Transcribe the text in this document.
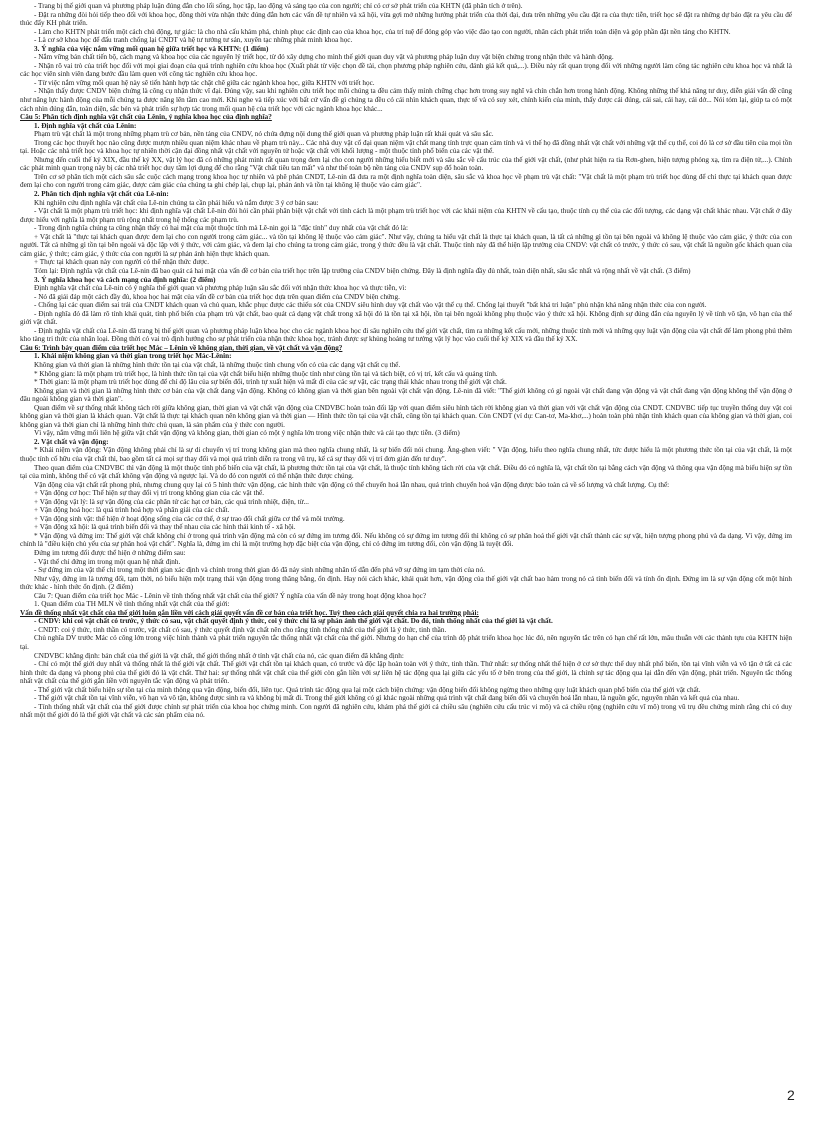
- Trang bị thế giới quan và phương pháp luận đúng đắn cho lối sống, học tập, lao động và sáng tạo của con người; chỉ có cơ sở phát triển của KHTN (đã phân tích ở trên).

- Đặt ra những đòi hỏi tiếp theo đối với khoa học, đồng thời vừa nhận thức đúng đắn hơn các vấn đề tự nhiên và xã hội, vừa gợi mở những hướng phát triển của thời đại, đưa trên những yêu cầu đặt ra của thực tiễn, triết học sẽ đặt ra những dự báo đặt ra yêu cầu để thúc đẩy KH phát triển.

- Làm cho KHTN phát triển một cách chủ động, tự giác: là cho nhà cấu khám phá, chinh phục các định cao của khoa học, của trí tuệ để đóng góp vào việc đào tạo con người, nhân cách phát triển toàn diện và góp phần đặt nền tảng cho KHTN.

- Là cơ sở khoa học để đấu tranh chống lại CNDT và hệ tư tưởng tư sản, xuyên tạc những phát minh khoa học.

3. Ý nghĩa của việc nắm vững mối quan hệ giữa triết học và KHTN: (1 điểm)

- Nắm vững bản chất tiến bộ, cách mạng và khoa học của các nguyên lý triết học, từ đó xây dựng cho mình thế giới quan duy vật và phương pháp luận duy vật biện chứng trong nhận thức và hành động.

- Nhận rõ vai trò của triết học đối với mọi giai đoạn của quá trình nghiên cứu khoa học (Xuất phát từ việc chọn đề tài, chọn phương pháp nghiên cứu, đánh giá kết quả,...). Điều này rất quan trọng đối với những người làm công tác nghiên cứu khoa học và nhất là các học viên sinh viên đang bước đầu làm quen với công tác nghiên cứu khoa học.

- Từ việc nắm vững mối quan hệ này sẽ tiến hành hợp tác chặt chẽ giữa các ngành khoa học, giữa KHTN với triết học.

- Nhận thấy được CNDV biện chứng là công cụ nhận thức vĩ đại. Đúng vậy, sau khi nghiên cứu triết học mỗi chúng ta đều cảm thấy mình chững chạc hơn trong suy nghĩ và chín chắn hơn trong hành động. Không những thế khả năng tư duy, diễn giải vấn đề cũng như năng lực hành động của mỗi chúng ta được nâng lên tầm cao mới. Khi nghe và tiếp xúc với bất cứ vấn đề gì chúng ta đều có cái nhìn khách quan, thực tế và có suy xét, chính kiến của mình, thấy được cái đúng, cái sai, cái hay, cái dở... Nói tóm lại, giúp ta có một cách nhìn đúng đắn, toàn diện, sắc bén và phát triển sự hợp tác trong mối quan hệ của triết học với các ngành khoa học khác...

Câu 5: Phân tích định nghĩa vật chất của Lênin, ý nghĩa khoa học của định nghĩa?

1. Định nghĩa vật chất của Lênin:

Phạm trù vật chất là một trong những phạm trù cơ bản, nền tảng của CNDV, nó chứa đựng nội dung thế giới quan và phương pháp luận rất khái quát và sâu sắc.

Trong các học thuyết học nào cũng được mượn nhiều quan niệm khác nhau về phạm trù này... Các nhà duy vật cổ đại quan niệm vật chất mang tính trực quan cảm tính và vì thế họ đã đồng nhất vật chất với những vật thể cụ thể, coi đó là cơ sở đầu tiên của mọi tồn tại. Hoặc các nhà triết học và khoa học tự nhiên thời cận đại đồng nhất vật chất với nguyên tử hoặc vật chất với khối lượng - một thuộc tính phổ biến của các vật thể.

Nhưng đến cuối thế kỷ XIX, đầu thế kỷ XX, vật lý học đã có những phát minh rất quan trọng đem lại cho con người những hiểu biết mới và sâu sắc về cấu trúc của thế giới vật chất, (như phát hiện ra tia Rơn-ghen, hiện tượng phóng xạ, tìm ra điện tử,...). Chính các phát minh quan trọng này bị các nhà triết học duy tâm lợi dụng để cho rằng "Vật chất tiêu tan mất" và như thế toàn bộ nền tảng của CNDV sụp đổ hoàn toàn.

Trên cơ sở phân tích một cách sâu sắc cuộc cách mạng trong khoa học tự nhiên và phê phán CNDT, Lê-nin đã đưa ra một định nghĩa toàn diện, sâu sắc và khoa học về phạm trù vật chất: "Vật chất là một phạm trù triết học dùng để chỉ thực tại khách quan được đem lại cho con người trong cảm giác, được cảm giác của chúng ta ghi chép lại, chụp lại, phản ánh và tồn tại không lệ thuộc vào cảm giác".

2. Phân tích định nghĩa vật chất của Lê-nin:

Khi nghiên cứu định nghĩa vật chất của Lê-nin chúng ta cần phải hiểu và nắm được 3 ý cơ bản sau:

- Vật chất là một phạm trù triết học: khi định nghĩa vật chất Lê-nin đòi hỏi cần phải phân biệt vật chất với tính cách là một phạm trù triết học với các khái niệm của KHTN về cấu tạo, thuộc tính cụ thể của các đối tượng, các dạng vật chất khác nhau. Vật chất ở đây được hiểu với nghĩa là một phạm trù rộng nhất trong hệ thống các phạm trù.

- Trong định nghĩa chúng ta cũng nhận thấy có hai mặt của một thuộc tính mà Lê-nin gọi là "đặc tính" duy nhất của vật chất đó là:

+ Vật chất là "thực tại khách quan được đem lại cho con người trong cảm giác... và tồn tại không lệ thuộc vào cảm giác". Như vậy, chúng ta hiểu vật chất là thực tại khách quan, là tất cả những gì tồn tại bên ngoài và không lệ thuộc vào cảm giác, ý thức của con người. Tất cả những gì tồn tại bên ngoài và độc lập với ý thức, với cảm giác, và đem lại cho chúng ta trong cảm giác, trong ý thức đều là vật chất. Thuộc tính này đã thể hiện lập trường của CNDV: vật chất có trước, ý thức có sau, vật chất là nguồn gốc khách quan của cảm giác, ý thức; cảm giác, ý thức của con người là sự phản ánh hiện thực khách quan.

+ Thực tại khách quan này con người có thể nhận thức được.

Tóm lại: Định nghĩa vật chất của Lê-nin đã bao quát cả hai mặt của vấn đề cơ bản của triết học trên lập trường của CNDV biện chứng. Đây là định nghĩa đầy đủ nhất, toàn diện nhất, sâu sắc nhất và rộng nhất về vật chất. (3 điểm)

3. Ý nghĩa khoa học và cách mạng của định nghĩa: (2 điểm)

Định nghĩa vật chất của Lê-nin có ý nghĩa thế giới quan và phương pháp luận sâu sắc đối với nhận thức khoa học và thực tiễn, vì:

- Nó đã giải đáp một cách đầy đủ, khoa học hai mặt của vấn đề cơ bản của triết học dựa trên quan điểm của CNDV biện chứng.

- Chống lại các quan điểm sai trái của CNDT khách quan và chủ quan, khắc phục được các thiếu sót của CNDV siêu hình duy vật chất vào vật thể cụ thể. Chống lại thuyết "bất khả tri luận" phủ nhận khả năng nhận thức của con người.

- Định nghĩa đó đã làm rõ tính khái quát, tính phổ biến của phạm trù vật chất, bao quát cả dạng vật chất trong xã hội đó là tồn tại xã hội, tồn tại bên ngoài không phụ thuộc vào ý thức xã hội. Không định sự đúng đắn của nguyên lý về tính vô tận, vô hạn của thế giới vật chất.

- Định nghĩa vật chất của Lê-nin đã trang bị thế giới quan và phương pháp luận khoa học cho các ngành khoa học đi sâu nghiên cứu thế giới vật chất, tìm ra những kết cấu mới, những thuộc tính mới và những quy luật vận động của vật chất để làm phong phú thêm kho tàng tri thức của nhân loại. Đồng thời có vai trò định hướng cho sự phát triển của nhận thức khoa học, tránh được sự khủng hoảng tư tưởng vật lý học vào cuối thế kỷ XIX và đầu thế kỷ XX.

Câu 6: Trình bày quan điểm của triết học Mác – Lênin về không gian, thời gian, về vật chất và vận động?

1. Khái niệm không gian và thời gian trong triết học Mác-Lênin:

Không gian và thời gian là những hình thức tồn tại của vật chất, là những thuộc tính chung vốn có của các dạng vật chất cụ thể.

* Không gian: là một phạm trù triết học, là hình thức tồn tại của vật chất biểu hiện những thuộc tính như cùng tồn tại và tách biệt, có vị trí, kết cấu và quảng tính.

* Thời gian: là một phạm trù triết học dùng để chỉ độ lâu của sự biến đổi, trình tự xuất hiện và mất đi của các sự vật, các trạng thái khác nhau trong thế giới vật chất.

Không gian và thời gian là những hình thức cơ bản của vật chất đang vận động. Không có không gian và thời gian bên ngoài vật chất vận động. Lê-nin đã viết: "Thế giới không có gì ngoài vật chất đang vận động và vật chất đang vận động không thể vận động ở đâu ngoài không gian và thời gian".

Quan điểm về sự thống nhất không tách rời giữa không gian, thời gian và vật chất vận động của CNDVBC hoàn toàn đối lập với quan điểm siêu hình tách rời không gian và thời gian với vật chất vận động của CNDT. CNDVBC tiếp tục truyền thống duy vật coi không gian và thời gian là khách quan. Vật chất là thực tại khách quan nên không gian và thời gian — Hình thức tồn tại của vật chất, cũng tồn tại khách quan. Còn CNDT (ví dụ: Can-tơ, Ma-khơ,...) hoàn toàn phủ nhận tính khách quan của không gian và thời gian, coi không gian và thời gian chỉ là những hình thức chủ quan, là sản phẩm của ý thức con người.

Vì vậy, nắm vững mối liên hệ giữa vật chất vận động và không gian, thời gian có một ý nghĩa lớn trong việc nhận thức và cải tạo thực tiễn. (3 điểm)

2. Vật chất và vận động:

* Khái niệm vận động: Vận động không phải chỉ là sự di chuyển vị trí trong không gian mà theo nghĩa chung nhất, là sự biến đổi nói chung. Ăng-ghen viết: " Vận động, hiểu theo nghĩa chung nhất, tức được hiểu là một phương thức tồn tại của vật chất, là một thuộc tính cố hữu của vật chất thì, bao gồm tất cả mọi sự thay đổi và mọi quá trình diễn ra trong vũ trụ, kể cả sự thay đổi vị trí đơn giản đến tư duy".

Theo quan điểm của CNDVBC thì vận động là một thuộc tính phổ biến của vật chất, là phương thức tồn tại của vật chất, là thuộc tính không tách rời của vật chất. Điều đó có nghĩa là, vật chất tồn tại bằng cách vận động và thông qua vận động mà biểu hiện sự tồn tại của mình, không thể có vật chất không vận động và ngược lại. Và do đó con người có thể nhận thức được chúng.

Vận động của vật chất rất phong phú, nhưng chung quy lại có 5 hình thức vận động, các hình thức vận động có thể chuyển hoá lẫn nhau, quá trình chuyển hoá vận động được bảo toàn cả về số lượng và chất lượng. Cụ thể:

+ Vận động cơ học: Thể hiện sự thay đổi vị trí trong không gian của các vật thể.

+ Vận động vật lý: là sự vận động của các phân tử các hạt cơ bản, các quá trình nhiệt, điện, từ...

+ Vận động hoá học: là quá trình hoá hợp và phân giải của các chất.

+ Vận động sinh vật: thể hiện ở hoạt động sống của các cơ thể, ở sự trao đổi chất giữa cơ thể và môi trường.

+ Vận động xã hội: là quá trình biến đổi và thay thế nhau của các hình thái kinh tế - xã hội.

* Vận động và đứng im: Thế giới vật chất không chỉ ở trong quá trình vận động mà còn có sự đứng im tương đối. Nếu không có sự đứng im tương đối thì không có sự phân hoá thế giới vật chất thành các sự vật, hiện tượng phong phú và đa dạng. Vì vậy, đứng im chính là "điều kiện chủ yếu của sự phân hoá vật chất". Nghĩa là, đứng im chỉ là một trường hợp đặc biệt của vận động, chỉ có đứng im tương đối, còn vận động là tuyệt đối.

Đứng im tương đối được thể hiện ở những điểm sau:

- Vật thể chỉ đứng im trong một quan hệ nhất định.

- Sự đứng im của vật thể chỉ trong một thời gian xác định và chính trong thời gian đó đã nảy sinh những nhân tố dẫn đến phá vỡ sự đứng im tạm thời của nó.

Như vậy, đứng im là tương đối, tạm thời, nó biểu hiện một trạng thái vận động trong thăng bằng, ổn định. Hay nói cách khác, khái quát hơn, vận động của thế giới vật chất bao hàm trong nó cả tính biến đổi và tính ổn định. Đứng im là sự vận động cốt một hình thức khác - hình thức ổn định. (2 điểm)

Câu 7: Quan điểm của triết học Mác - Lênin về tính thống nhất vật chất của thế giới? Ý nghĩa của vấn đề này trong hoạt động khoa học?

1. Quan điểm của TH MLN về tính thống nhất vật chất của thế giới:

Vấn đề thống nhất vật chất của thế giới luôn gắn liền với cách giải quyết vấn đề cơ bản của triết học. Tuỳ theo cách giải quyết chia ra hai trường phái:

- CNDV: khi coi vật chất có trước, ý thức có sau, vật chất quyết định ý thức, coi ý thức chỉ là sự phản ánh thế giới vật chất. Do đó, tính thống nhất của thế giới là vật chất.

- CNDT: coi ý thức, tinh thần có trước, vật chất có sau, ý thức quyết định vật chất nên cho rằng tính thống nhất của thế giới là ý thức, tinh thần.

Chủ nghĩa DV trước Mác có công lớn trong việc hình thành và phát triển nguyên tắc thống nhất vật chất của thế giới. Nhưng do hạn chế của trình độ phát triển khoa học lúc đó, nên nguyên tắc trên có hạn chế rất lớn, mâu thuẫn với các thành tựu của KHTN hiện tại.

CNDVBC khẳng định: bản chất của thế giới là vật chất, thế giới thống nhất ở tính vật chất của nó, các quan điểm đã khẳng định:

- Chỉ có một thế giới duy nhất và thống nhất là thế giới vật chất. Thế giới vật chất tồn tại khách quan, có trước và độc lập hoàn toàn với ý thức, tinh thần. Thứ nhất: sự thống nhất thể hiện ở cơ sở thực thể duy nhất phổ biến, tồn tại vĩnh viễn và vô tận ở tất cả các hình thức đa dạng và phong phú của thế giới đó là vật chất. Thứ hai: sự thống nhất vật chất của thế giới còn gắn liền với sự liên hệ tác động qua lại giữa các yếu tố ở bên trong của thế giới, là chính sự tác động qua lại dẫn đến vận động, phát triển. Nguyên tắc thống nhất vật chất của thế giới gắn liền với nguyên tắc vận động và phát triển.

- Thế giới vật chất biểu hiện sự tồn tại của mình thông qua vận động, biến đổi, liên tục. Quá trình tác động qua lại một cách biện chứng: vận động biến đổi không ngừng theo những quy luật khách quan phổ biến của thế giới vật chất.

- Thế giới vật chất tồn tại vĩnh viễn, vô hạn và vô tận, không được sinh ra và không bị mất đi. Trong thế giới không có gì khác ngoài những quá trình vật chất đang biến đổi và chuyển hoá lẫn nhau, là nguồn gốc, nguyên nhân và kết quả của nhau.

- Tính thống nhất vật chất của thế giới được chính sự phát triển của khoa học chứng minh. Con người đã nghiên cứu, khám phá thế giới cả chiều sâu (nghiên cứu cấu trúc vi mô) và cả chiều rộng (nghiên cứu vĩ mô) trong vũ trụ đều chứng minh rằng chỉ có duy nhất một thế giới đó là thế giới vật chất và các sản phẩm của nó.

2
